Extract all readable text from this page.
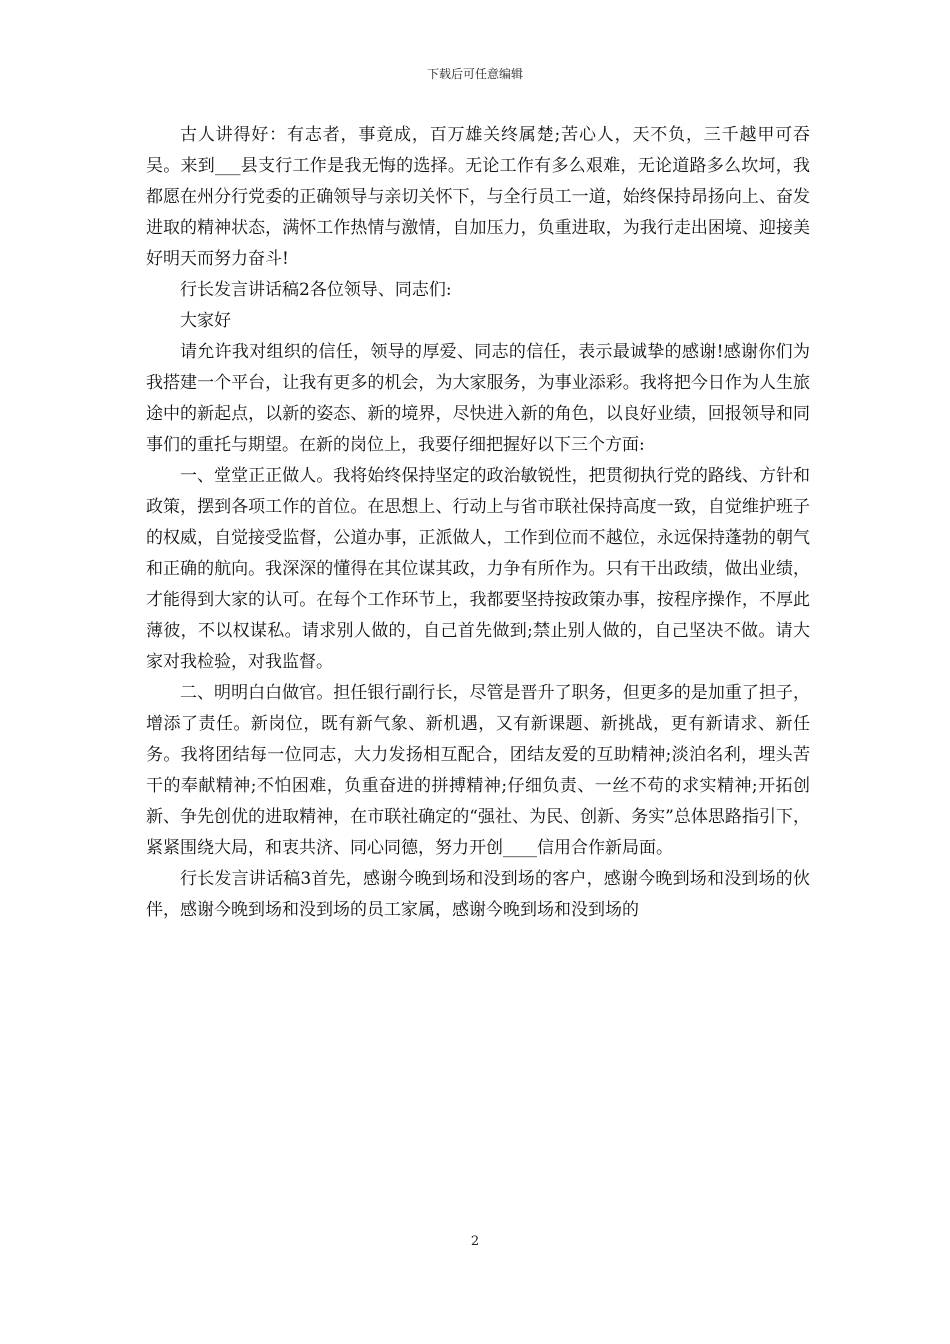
下载后可任意编辑

古人讲得好：有志者，事竟成，百万雄关终属楚;苦心人，天不负，三千越甲可吞吴。来到___县支行工作是我无悔的选择。无论工作有多么艰难，无论道路多么坎坷，我都愿在州分行党委的正确领导与亲切关怀下，与全行员工一道，始终保持昂扬向上、奋发进取的精神状态，满怀工作热情与激情，自加压力，负重进取，为我行走出困境、迎接美好明天而努力奋斗!

行长发言讲话稿2各位领导、同志们:

大家好

请允许我对组织的信任，领导的厚爱、同志的信任，表示最诚挚的感谢!感谢你们为我搭建一个平台，让我有更多的机会，为大家服务，为事业添彩。我将把今日作为人生旅途中的新起点，以新的姿态、新的境界，尽快进入新的角色，以良好业绩，回报领导和同事们的重托与期望。在新的岗位上，我要仔细把握好以下三个方面:

一、堂堂正正做人。我将始终保持坚定的政治敏锐性，把贯彻执行党的路线、方针和政策，摆到各项工作的首位。在思想上、行动上与省市联社保持高度一致，自觉维护班子的权威，自觉接受监督，公道办事，正派做人，工作到位而不越位，永远保持蓬勃的朝气和正确的航向。我深深的懂得在其位谋其政，力争有所作为。只有干出政绩，做出业绩，才能得到大家的认可。在每个工作环节上，我都要坚持按政策办事，按程序操作，不厚此薄彼，不以权谋私。请求别人做的，自己首先做到;禁止别人做的，自己坚决不做。请大家对我检验，对我监督。

二、明明白白做官。担任银行副行长，尽管是晋升了职务，但更多的是加重了担子，增添了责任。新岗位，既有新气象、新机遇，又有新课题、新挑战，更有新请求、新任务。我将团结每一位同志，大力发扬相互配合，团结友爱的互助精神;淡泊名利，埋头苦干的奉献精神;不怕困难，负重奋进的拼搏精神;仔细负责、一丝不苟的求实精神;开拓创新、争先创优的进取精神，在市联社确定的“强社、为民、创新、务实”总体思路指引下，紧紧围绕大局，和衷共济、同心同德，努力开创____信用合作新局面。

行长发言讲话稿3首先，感谢今晚到场和没到场的客户，感谢今晚到场和没到场的伙伴，感谢今晚到场和没到场的员工家属，感谢今晚到场和没到场的

2
